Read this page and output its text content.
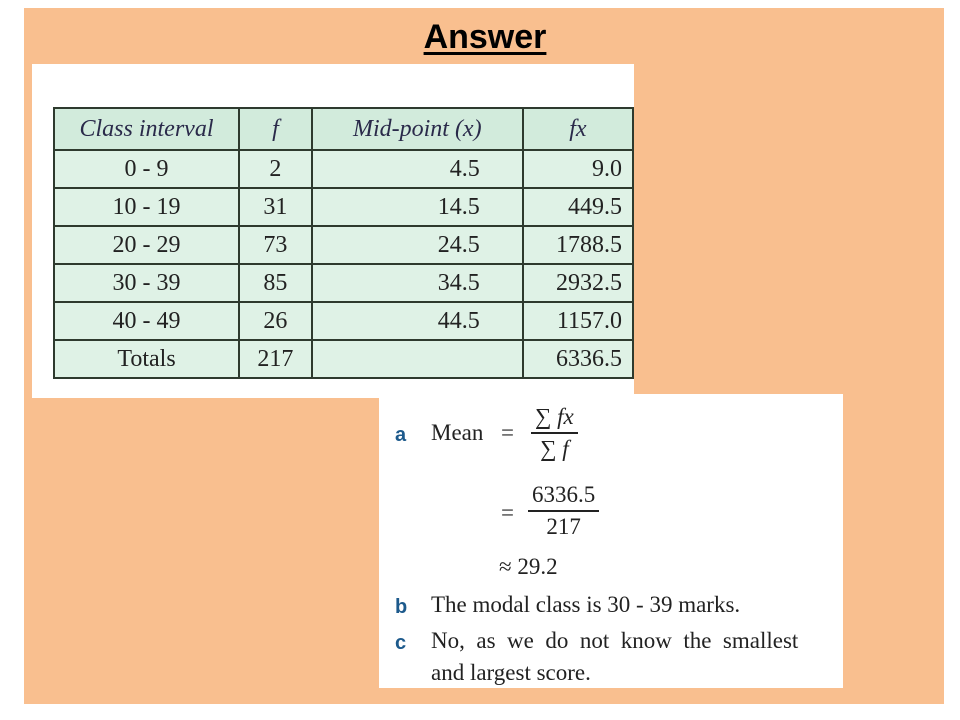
Answer
Class interval	f	Mid-point (x)	fx
0 - 9	2	4.5	9.0
10 - 19	31	14.5	449.5
20 - 29	73	24.5	1788.5
30 - 39	85	34.5	2932.5
40 - 49	26	44.5	1157.0
Totals	217		6336.5
a Mean =
∑ fx
∑ f
=
6336.5
217
≈ 29.2
b The modal class is 30 - 39 marks.
c No,  as  we  do  not  know  the  smallest
and largest score.
